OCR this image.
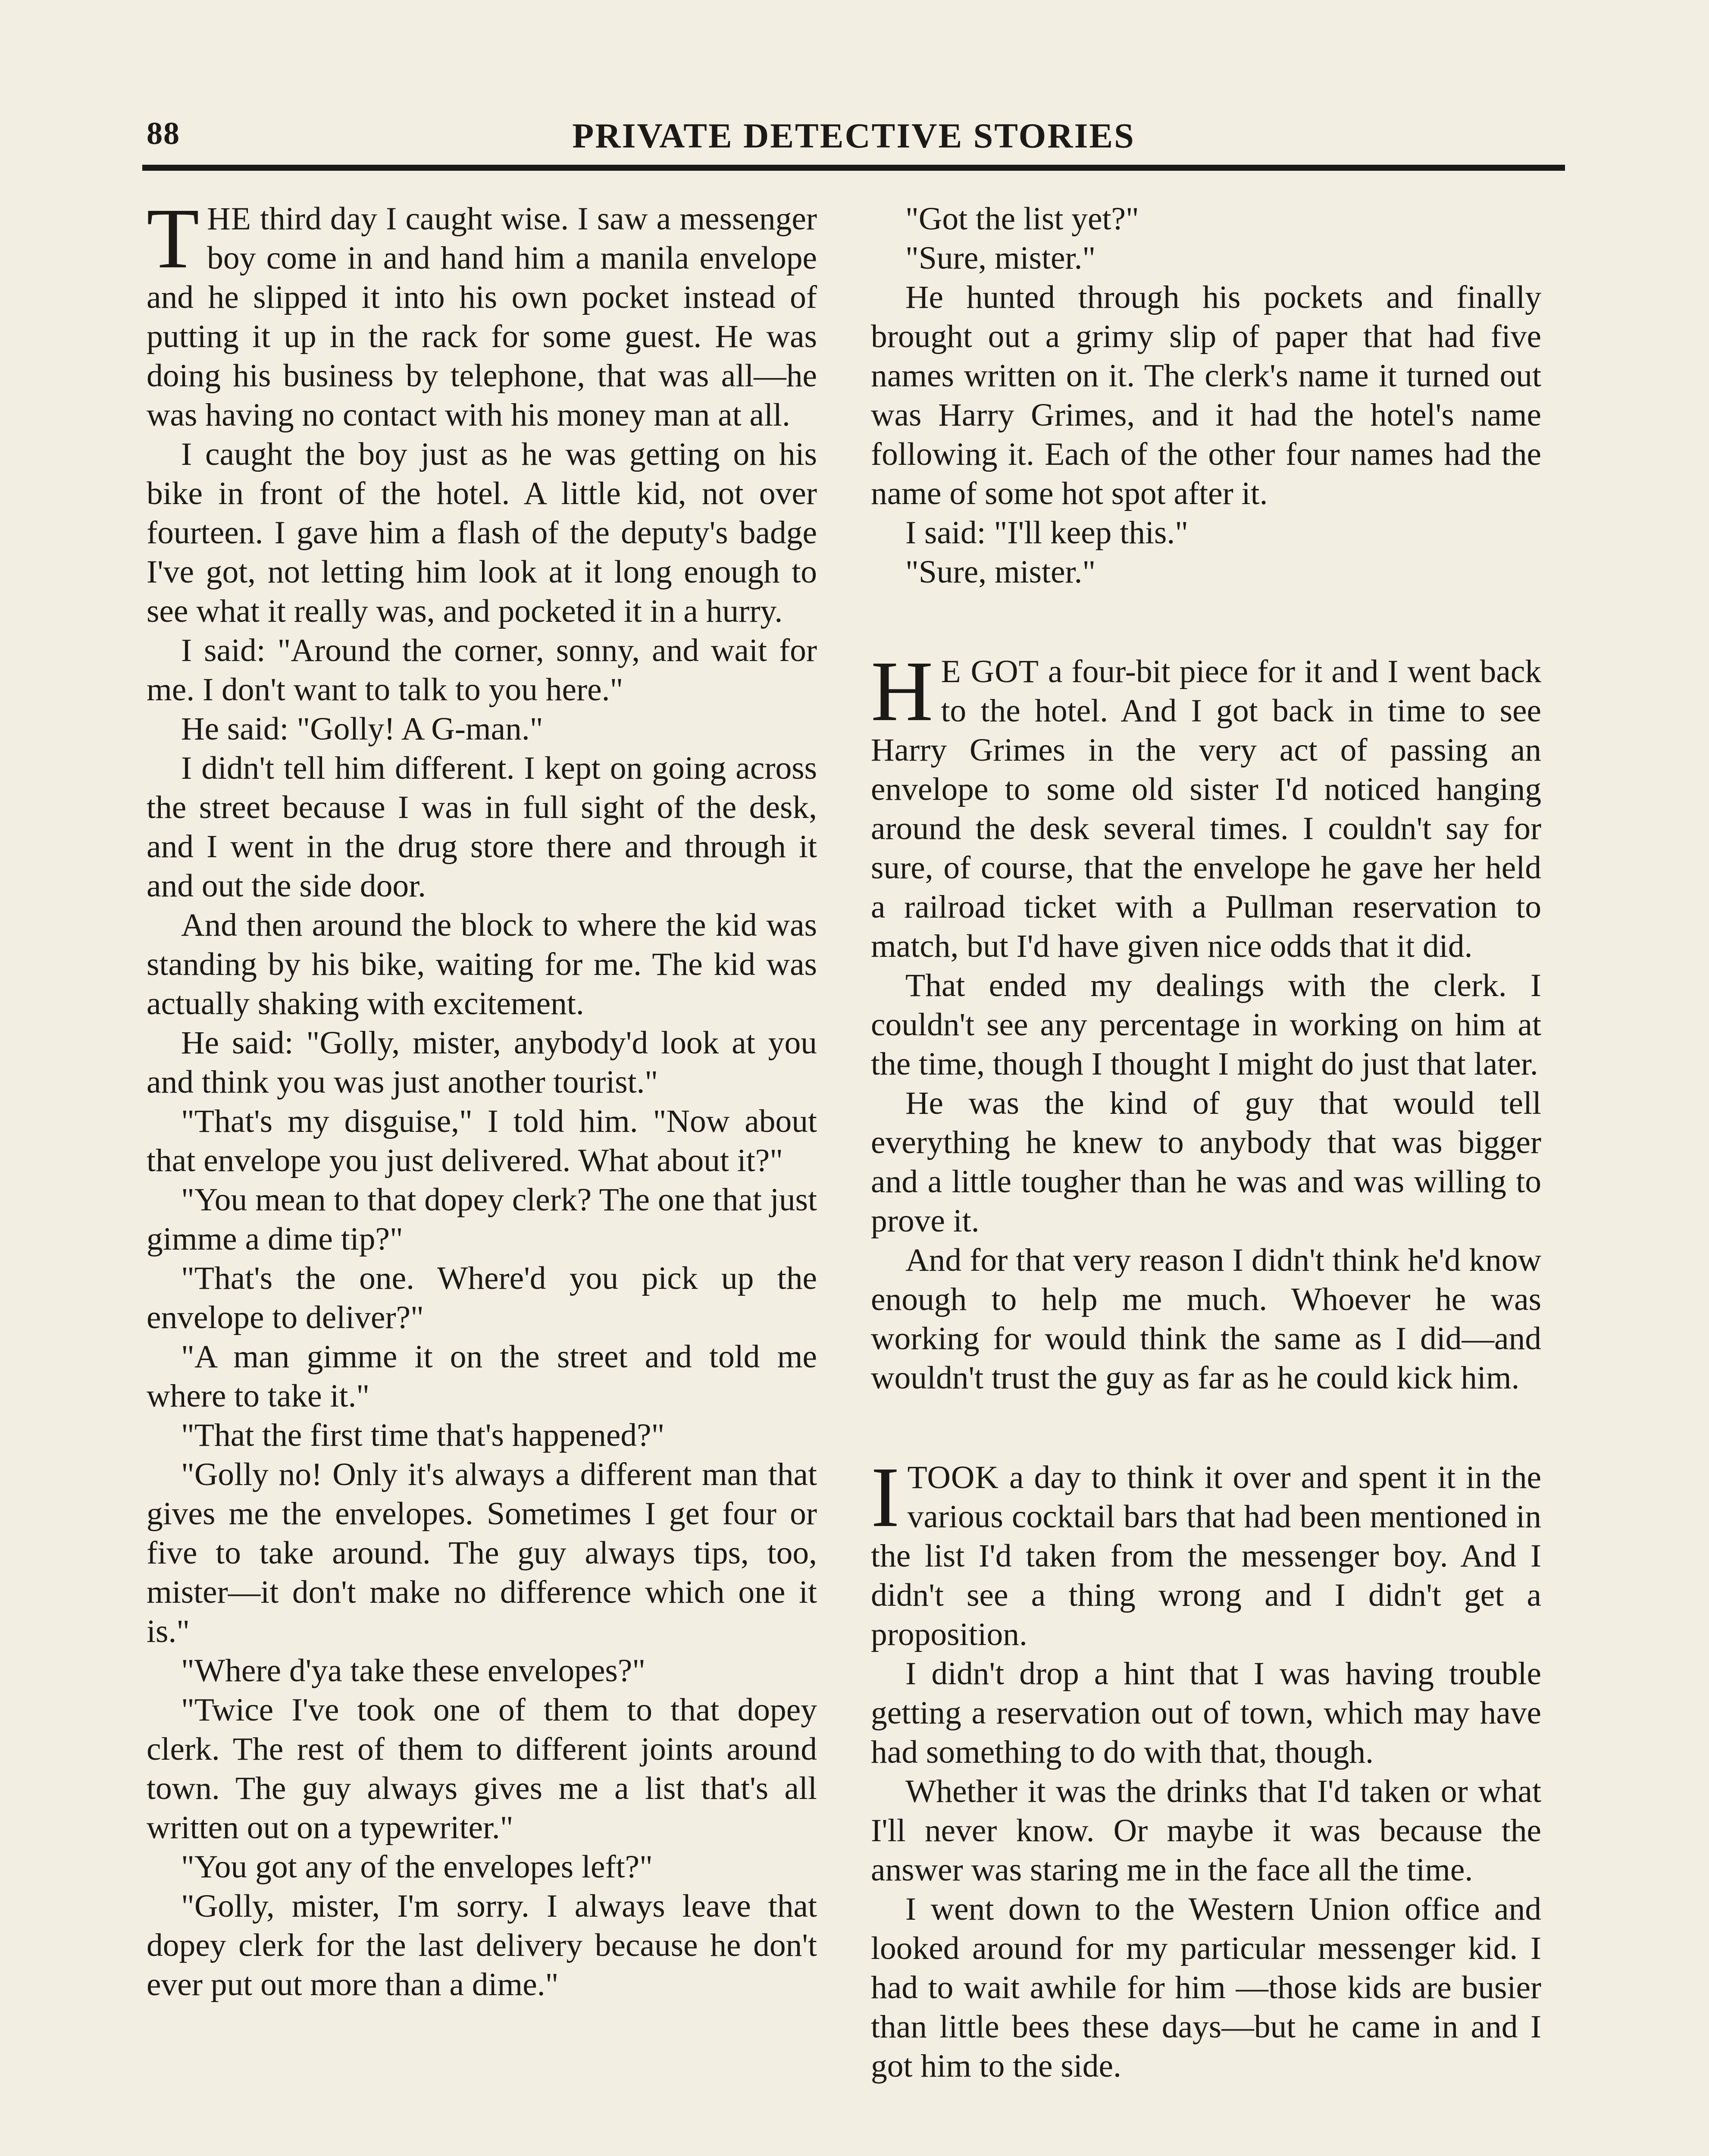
88	PRIVATE DETECTIVE STORIES

THE third day I caught wise. I saw a messenger boy come in and hand him a manila envelope and he slipped it into his own pocket instead of putting it up in the rack for some guest. He was doing his business by telephone, that was all—he was having no contact with his money man at all.

I caught the boy just as he was getting on his bike in front of the hotel. A little kid, not over fourteen. I gave him a flash of the deputy's badge I've got, not letting him look at it long enough to see what it really was, and pocketed it in a hurry.

I said: "Around the corner, sonny, and wait for me. I don't want to talk to you here."

He said: "Golly! A G-man."

I didn't tell him different. I kept on going across the street because I was in full sight of the desk, and I went in the drug store there and through it and out the side door.

And then around the block to where the kid was standing by his bike, waiting for me. The kid was actually shaking with excitement.

He said: "Golly, mister, anybody'd look at you and think you was just another tourist."

"That's my disguise," I told him. "Now about that envelope you just delivered. What about it?"

"You mean to that dopey clerk? The one that just gimme a dime tip?"

"That's the one. Where'd you pick up the envelope to deliver?"

"A man gimme it on the street and told me where to take it."

"That the first time that's happened?"

"Golly no! Only it's always a different man that gives me the envelopes. Sometimes I get four or five to take around. The guy always tips, too, mister—it don't make no difference which one it is."

"Where d'ya take these envelopes?"

"Twice I've took one of them to that dopey clerk. The rest of them to different joints around town. The guy always gives me a list that's all written out on a typewriter."

"You got any of the envelopes left?"

"Golly, mister, I'm sorry. I always leave that dopey clerk for the last delivery because he don't ever put out more than a dime."

"Got the list yet?"

"Sure, mister."

He hunted through his pockets and finally brought out a grimy slip of paper that had five names written on it. The clerk's name it turned out was Harry Grimes, and it had the hotel's name following it. Each of the other four names had the name of some hot spot after it.

I said: "I'll keep this."

"Sure, mister."

H E GOT a four-bit piece for it and I went back to the hotel. And I got back in time to see Harry Grimes in the very act of passing an envelope to some old sister I'd noticed hanging around the desk several times. I couldn't say for sure, of course, that the envelope he gave her held a railroad ticket with a Pullman reservation to match, but I'd have given nice odds that it did.

That ended my dealings with the clerk. I couldn't see any percentage in working on him at the time, though I thought I might do just that later.

He was the kind of guy that would tell everything he knew to anybody that was bigger and a little tougher than he was and was willing to prove it.

And for that very reason I didn't think he'd know enough to help me much. Whoever he was working for would think the same as I did—and wouldn't trust the guy as far as he could kick him.

ITOOK a day to think it over and spent it in the various cocktail bars that had been mentioned in the list I'd taken from the messenger boy. And I didn't see a thing wrong and I didn't get a proposition.

I didn't drop a hint that I was having trouble getting a reservation out of town, which may have had something to do with that, though.

Whether it was the drinks that I'd taken or what I'll never know. Or maybe it was because the answer was staring me in the face all the time.

I went down to the Western Union office and looked around for my particular messenger kid. I had to wait awhile for him —those kids are busier than little bees these days—but he came in and I got him to the side.
